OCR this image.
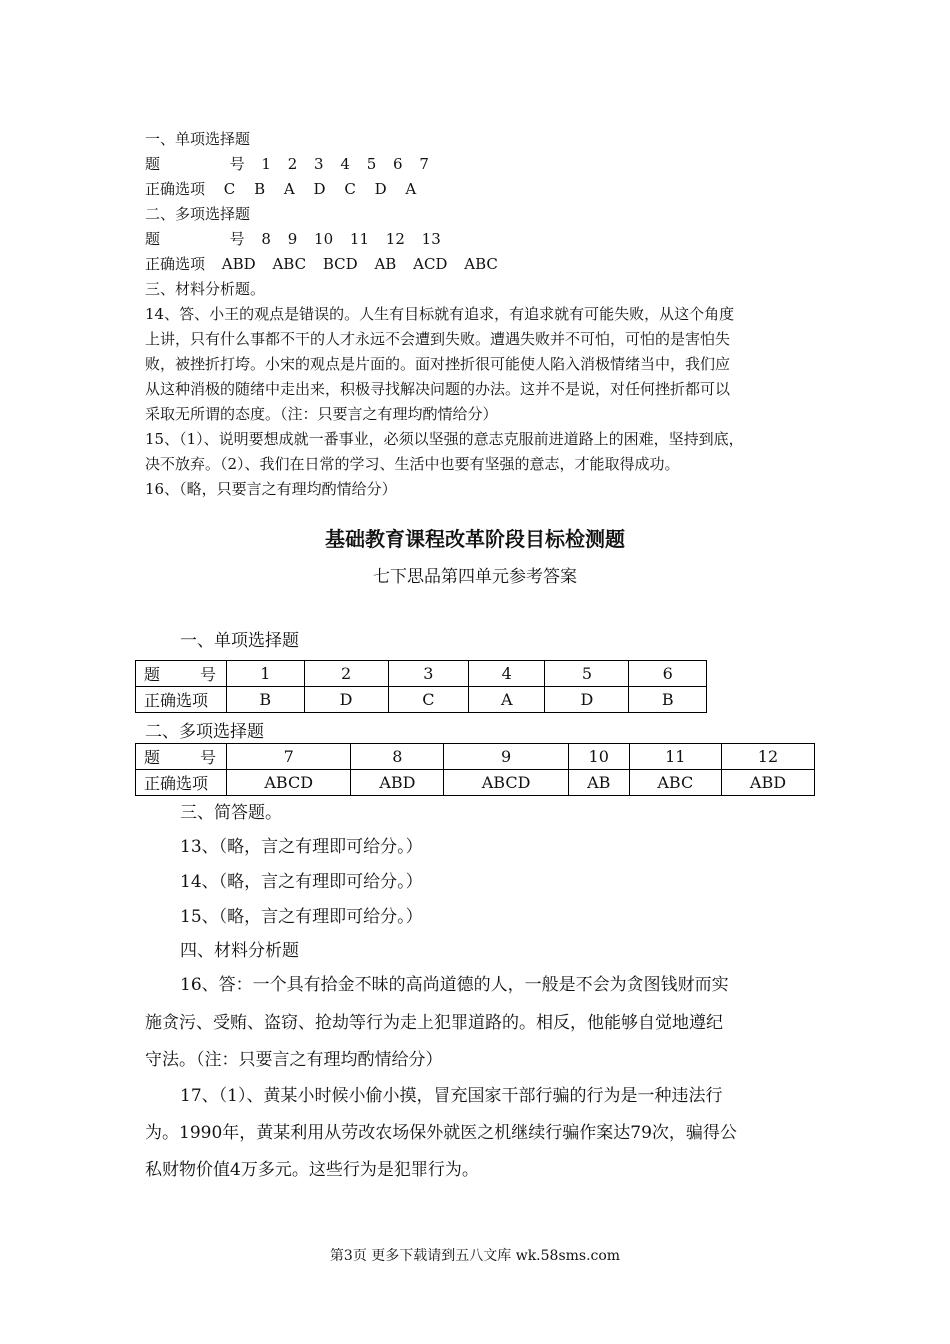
一、单项选择题
题	号 1 2 3 4 5 6 7
正确选项 C B A D C D A
二、多项选择题
题	号 8 9 10 11 12 13
正确选项 ABD ABC BCD AB ACD ABC
三、材料分析题。
14、答、小王的观点是错误的。人生有目标就有追求，有追求就有可能失败，从这个角度
上讲，只有什么事都不干的人才永远不会遭到失败。遭遇失败并不可怕，可怕的是害怕失
败，被挫折打垮。小宋的观点是片面的。面对挫折很可能使人陷入消极情绪当中，我们应
从这种消极的随绪中走出来，积极寻找解决问题的办法。这并不是说，对任何挫折都可以
采取无所谓的态度。（注：只要言之有理均酌情给分）
15、（1）、说明要想成就一番事业，必须以坚强的意志克服前进道路上的困难，坚持到底，
决不放弃。（2）、我们在日常的学习、生活中也要有坚强的意志，才能取得成功。
16、（略，只要言之有理均酌情给分）
基础教育课程改革阶段目标检测题
七下思品第四单元参考答案
一、单项选择题
题 号	1	2	3	4	5	6
正确选项	B	D	C	A	D	B
二、多项选择题
题 号	7	8	9	10	11	12
正确选项	ABCD	ABD	ABCD	AB	ABC	ABD
三、简答题。
13、（略，言之有理即可给分。）
14、（略，言之有理即可给分。）
15、（略，言之有理即可给分。）
四、材料分析题
16、答：一个具有拾金不昧的高尚道德的人，一般是不会为贪图钱财而实
施贪污、受贿、盗窃、抢劫等行为走上犯罪道路的。相反，他能够自觉地遵纪
守法。（注：只要言之有理均酌情给分）
17、（1）、黄某小时候小偷小摸，冒充国家干部行骗的行为是一种违法行
为。1990年，黄某利用从劳改农场保外就医之机继续行骗作案达79次，骗得公
私财物价值4万多元。这些行为是犯罪行为。
第3页 更多下载请到五八文库 wk.58sms.com
